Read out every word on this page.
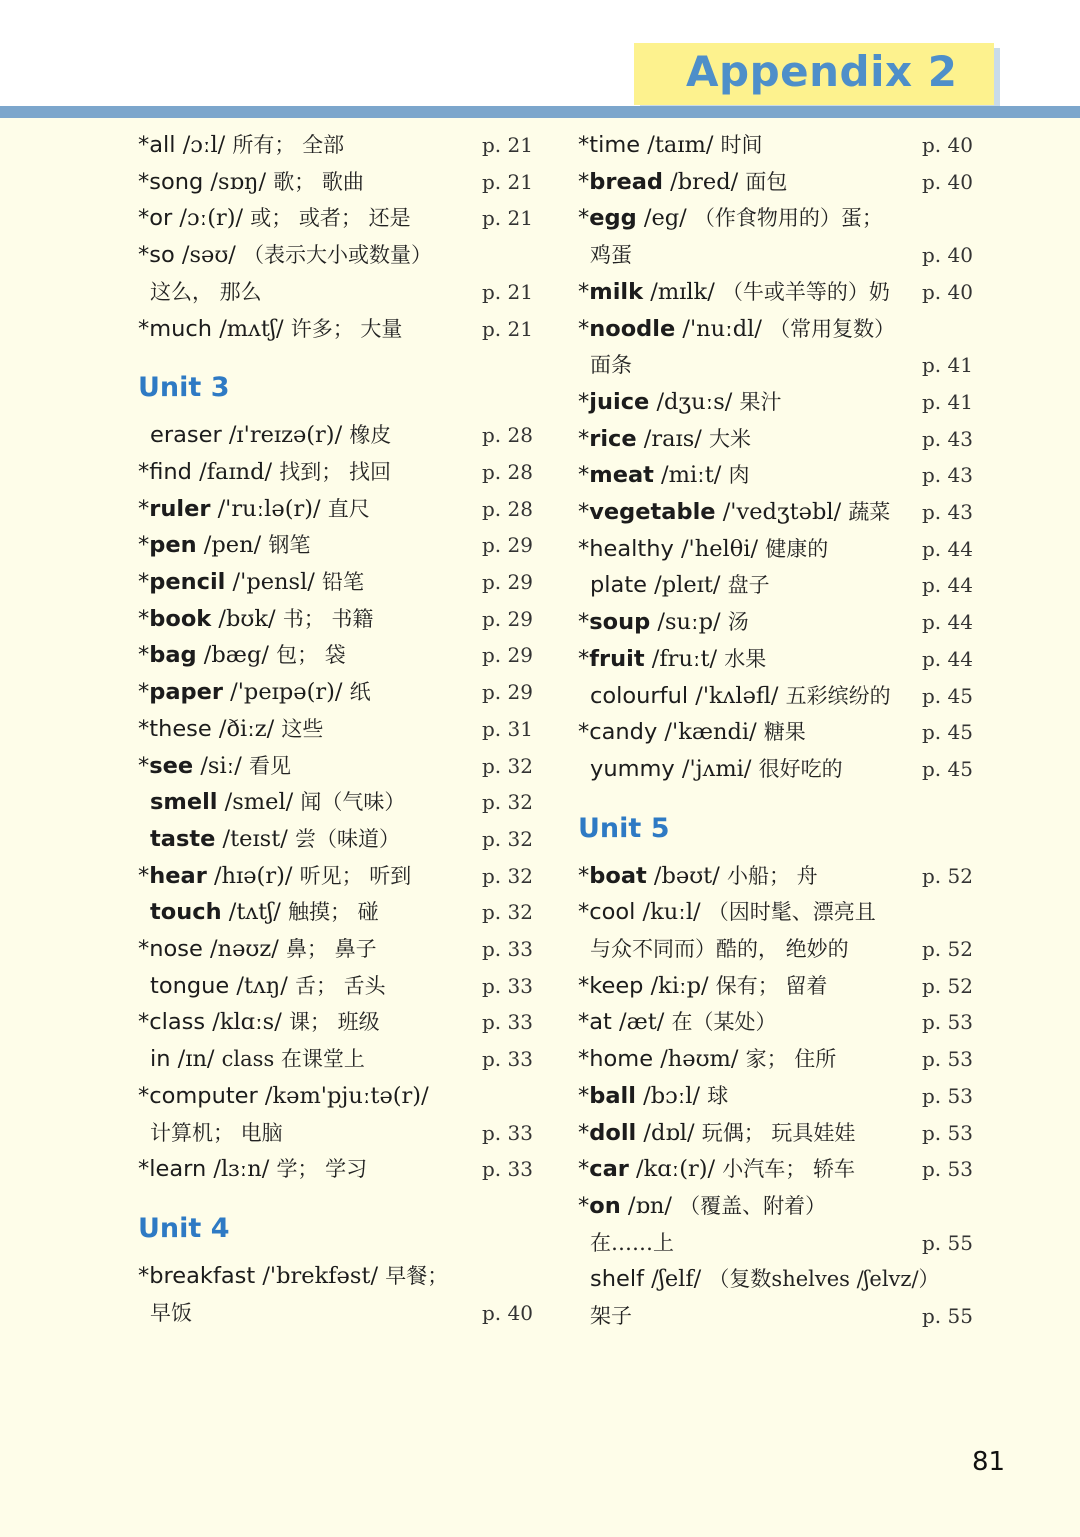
Appendix 2
*all /ɔːl/ 所有； 全部	p. 21
*song /sɒŋ/ 歌； 歌曲	p. 21
*or /ɔː(r)/ 或； 或者； 还是	p. 21
*so /səʊ/ （表示大小或数量）
这么， 那么	p. 21
*much /mʌtʃ/ 许多； 大量	p. 21
Unit 3
eraser /ɪ'reɪzə(r)/ 橡皮	p. 28
*find /faɪnd/ 找到； 找回	p. 28
*ruler /'ruːlə(r)/ 直尺	p. 28
*pen /pen/ 钢笔	p. 29
*pencil /'pensl/ 铅笔	p. 29
*book /bʊk/ 书； 书籍	p. 29
*bag /bæg/ 包； 袋	p. 29
*paper /'peɪpə(r)/ 纸	p. 29
*these /ðiːz/ 这些	p. 31
*see /siː/ 看见	p. 32
smell /smel/ 闻（气味）	p. 32
taste /teɪst/ 尝（味道）	p. 32
*hear /hɪə(r)/ 听见； 听到	p. 32
touch /tʌtʃ/ 触摸； 碰	p. 32
*nose /nəʊz/ 鼻； 鼻子	p. 33
tongue /tʌŋ/ 舌； 舌头	p. 33
*class /klɑːs/ 课； 班级	p. 33
in /ɪn/ class 在课堂上	p. 33
*computer /kəm'pjuːtə(r)/
计算机； 电脑	p. 33
*learn /lɜːn/ 学； 学习	p. 33
Unit 4
*breakfast /'brekfəst/ 早餐；
早饭	p. 40
*time /taɪm/ 时间	p. 40
*bread /bred/ 面包	p. 40
*egg /eg/ （作食物用的）蛋；
鸡蛋	p. 40
*milk /mɪlk/ （牛或羊等的）奶	p. 40
*noodle /'nuːdl/ （常用复数）
面条	p. 41
*juice /dʒuːs/ 果汁	p. 41
*rice /raɪs/ 大米	p. 43
*meat /miːt/ 肉	p. 43
*vegetable /'vedʒtəbl/ 蔬菜	p. 43
*healthy /'helθi/ 健康的	p. 44
plate /pleɪt/ 盘子	p. 44
*soup /suːp/ 汤	p. 44
*fruit /fruːt/ 水果	p. 44
colourful /'kʌləfl/ 五彩缤纷的	p. 45
*candy /'kændi/ 糖果	p. 45
yummy /'jʌmi/ 很好吃的	p. 45
Unit 5
*boat /bəʊt/ 小船； 舟	p. 52
*cool /kuːl/ （因时髦、漂亮且
与众不同而）酷的， 绝妙的	p. 52
*keep /kiːp/ 保有； 留着	p. 52
*at /æt/ 在（某处）	p. 53
*home /həʊm/ 家； 住所	p. 53
*ball /bɔːl/ 球	p. 53
*doll /dɒl/ 玩偶； 玩具娃娃	p. 53
*car /kɑː(r)/ 小汽车； 轿车	p. 53
*on /ɒn/ （覆盖、附着）
在……上	p. 55
shelf /ʃelf/ （复数shelves /ʃelvz/）
架子	p. 55
81
